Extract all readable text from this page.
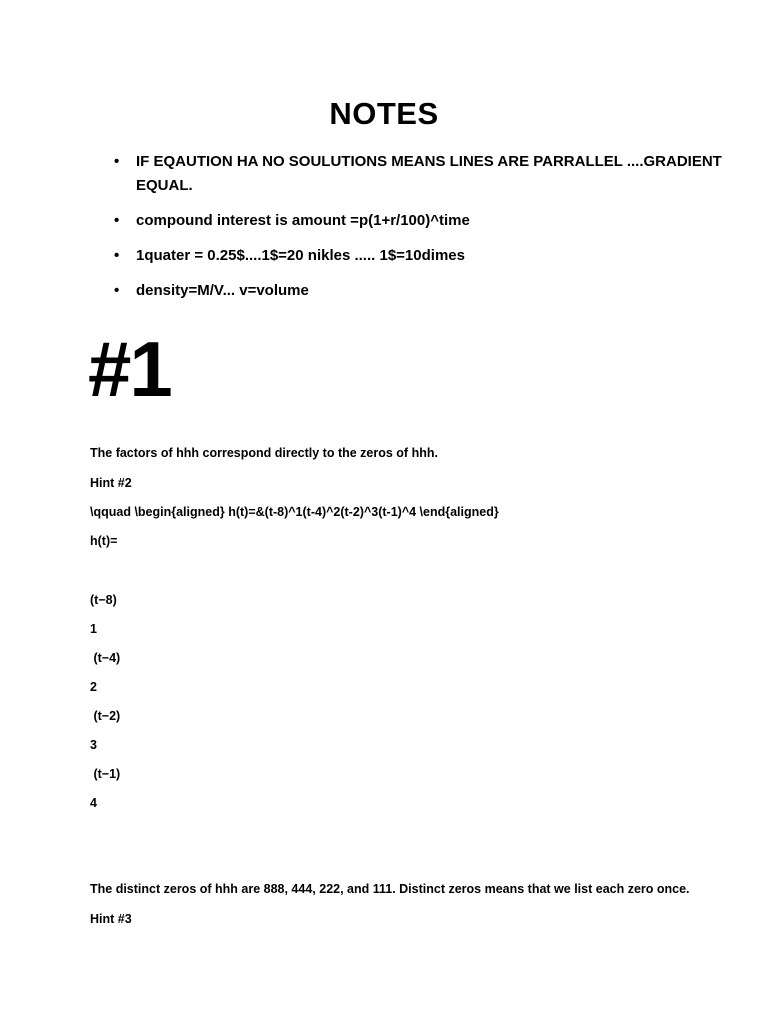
NOTES
• IF EQAUTION HA NO SOULUTIONS MEANS LINES ARE PARRALLEL ....GRADIENT EQUAL.
• compound interest is amount =p(1+r/100)^time
• 1quater = 0.25$....1$=20 nikles ..... 1$=10dimes
• density=M/V... v=volume
#1
The factors of hhh correspond directly to the zeros of hhh.
Hint #2
\qquad \begin{aligned} h(t)=&(t-8)^1(t-4)^2(t-2)^3(t-1)^4 \end{aligned}
h(t)=
(t−8)
1
(t−4)
2
(t−2)
3
(t−1)
4
The distinct zeros of hhh are 888, 444, 222, and 111. Distinct zeros means that we list each zero once.
Hint #3
